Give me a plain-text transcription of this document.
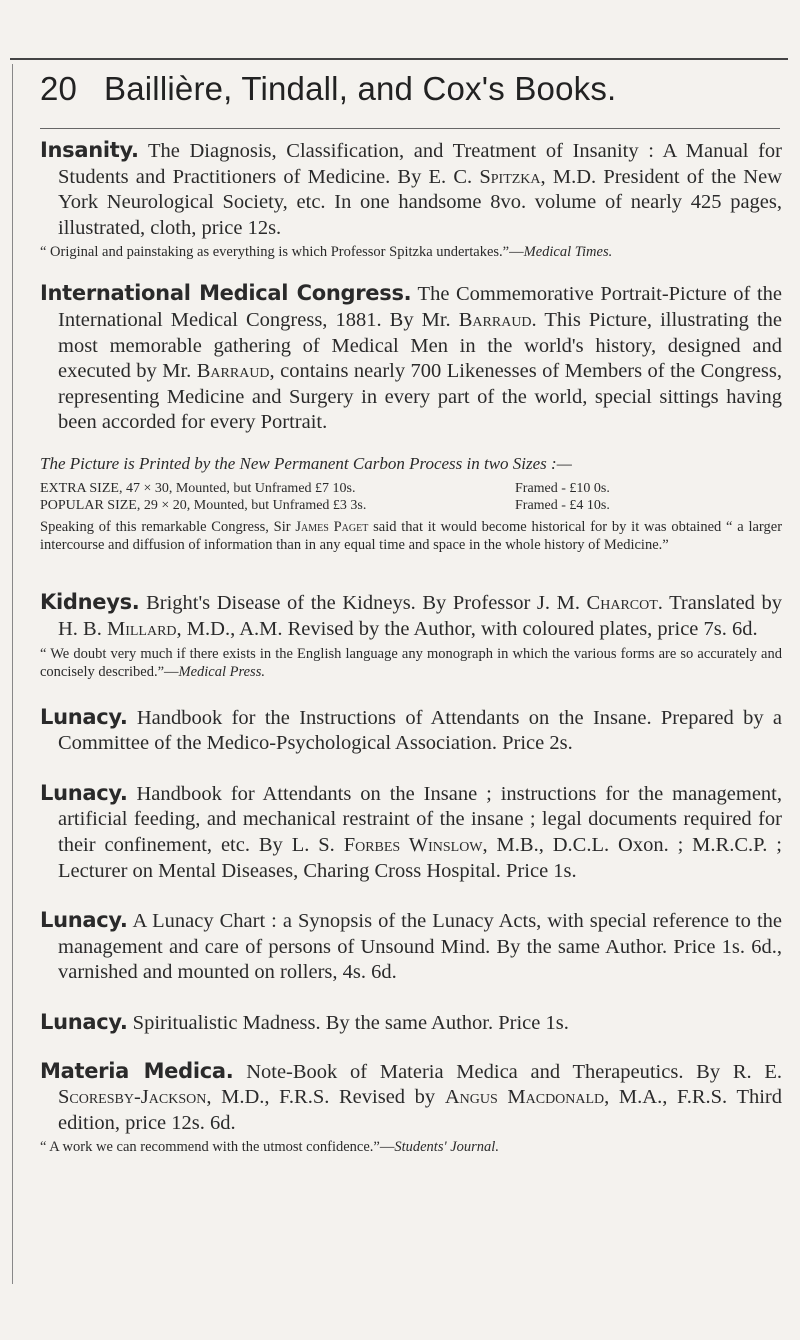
20 Baillière, Tindall, and Cox's Books.

Insanity. The Diagnosis, Classification, and Treatment of Insanity : A Manual for Students and Practitioners of Medicine. By E. C. Spitzka, M.D. President of the New York Neurological Society, etc. In one handsome 8vo. volume of nearly 425 pages, illustrated, cloth, price 12s.

“ Original and painstaking as everything is which Professor Spitzka undertakes.”—Medical Times.

International Medical Congress. The Commemorative Portrait-Picture of the International Medical Congress, 1881. By Mr. Barraud. This Picture, illustrating the most memorable gathering of Medical Men in the world's history, designed and executed by Mr. Barraud, contains nearly 700 Likenesses of Members of the Congress, representing Medicine and Surgery in every part of the world, special sittings having been accorded for every Portrait.

The Picture is Printed by the New Permanent Carbon Process in two Sizes :—
EXTRA SIZE, 47 × 30, Mounted, but Unframed £7 10s.	Framed - £10 0s.
POPULAR SIZE, 29 × 20, Mounted, but Unframed £3 3s.	Framed - £4 10s.

Speaking of this remarkable Congress, Sir James Paget said that it would become historical for by it was obtained “ a larger intercourse and diffusion of information than in any equal time and space in the whole history of Medicine.”

Kidneys. Bright's Disease of the Kidneys. By Professor J. M. Charcot. Translated by H. B. Millard, M.D., A.M. Revised by the Author, with coloured plates, price 7s. 6d.

“ We doubt very much if there exists in the English language any monograph in which the various forms are so accurately and concisely described.”—Medical Press.

Lunacy. Handbook for the Instructions of Attendants on the Insane. Prepared by a Committee of the Medico-Psychological Association. Price 2s.

Lunacy. Handbook for Attendants on the Insane ; instructions for the management, artificial feeding, and mechanical restraint of the insane ; legal documents required for their confinement, etc. By L. S. Forbes Winslow, M.B., D.C.L. Oxon. ; M.R.C.P. ; Lecturer on Mental Diseases, Charing Cross Hospital. Price 1s.

Lunacy. A Lunacy Chart : a Synopsis of the Lunacy Acts, with special reference to the management and care of persons of Unsound Mind. By the same Author. Price 1s. 6d., varnished and mounted on rollers, 4s. 6d.

Lunacy. Spiritualistic Madness. By the same Author. Price 1s.

Materia Medica. Note-Book of Materia Medica and Therapeutics. By R. E. Scoresby-Jackson, M.D., F.R.S. Revised by Angus Macdonald, M.A., F.R.S. Third edition, price 12s. 6d.

“ A work we can recommend with the utmost confidence.”—Students' Journal.
